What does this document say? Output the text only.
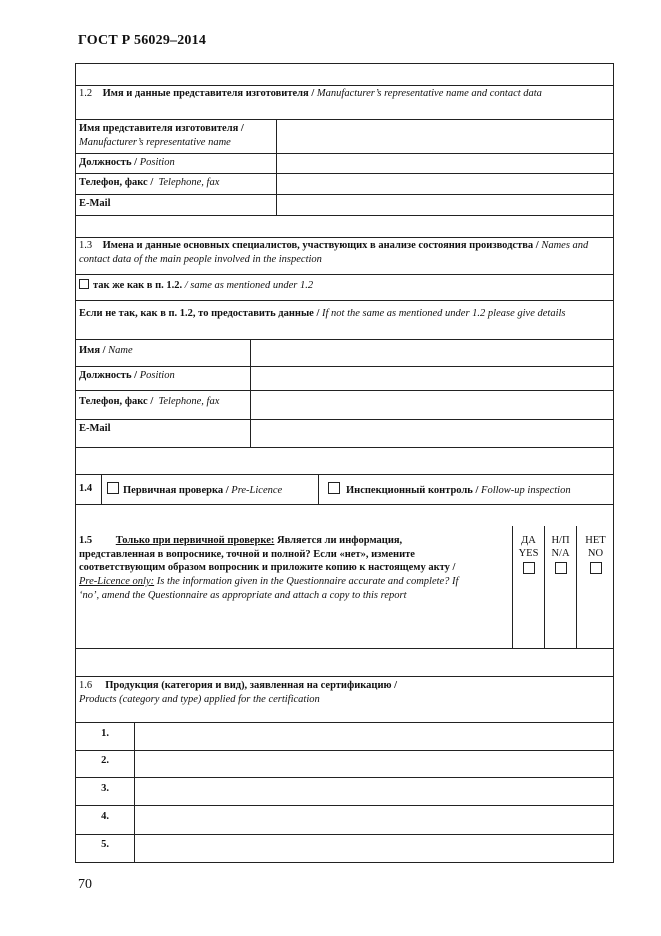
ГОСТ Р 56029–2014
1.2 Имя и данные представителя изготовителя / Manufacturer’s representative name and contact data
Имя представителя изготовителя /
Manufacturer’s representative name
Должность / Position
Телефон, факс / Telephone, fax
E-Mail
1.3 Имена и данные основных специалистов, участвующих в анализе состояния производства / Names and contact data of the main people involved in the inspection
так же как в п. 1.2. / same as mentioned under 1.2
Если не так, как в п. 1.2, то предоставить данные / If not the same as mentioned under 1.2 please give details
Имя / Name
Должность / Position
Телефон, факс / Telephone, fax
E-Mail
1.4	Первичная проверка / Pre-Licence	Инспекционный контроль / Follow-up inspection
1.5 Только при первичной проверке: Является ли информация, представленная в вопроснике, точной и полной? Если «нет», измените соответствующим образом вопросник и приложите копию к настоящему акту / Pre-Licence only: Is the information given in the Questionnaire accurate and complete? If ‘no’, amend the Questionnaire as appropriate and attach a copy to this report
ДА
YES
Н/П
N/A
НЕТ
NO
1.6 Продукция (категория и вид), заявленная на сертификацию /
Products (category and type) applied for the certification
1.
2.
3.
4.
5.
70
